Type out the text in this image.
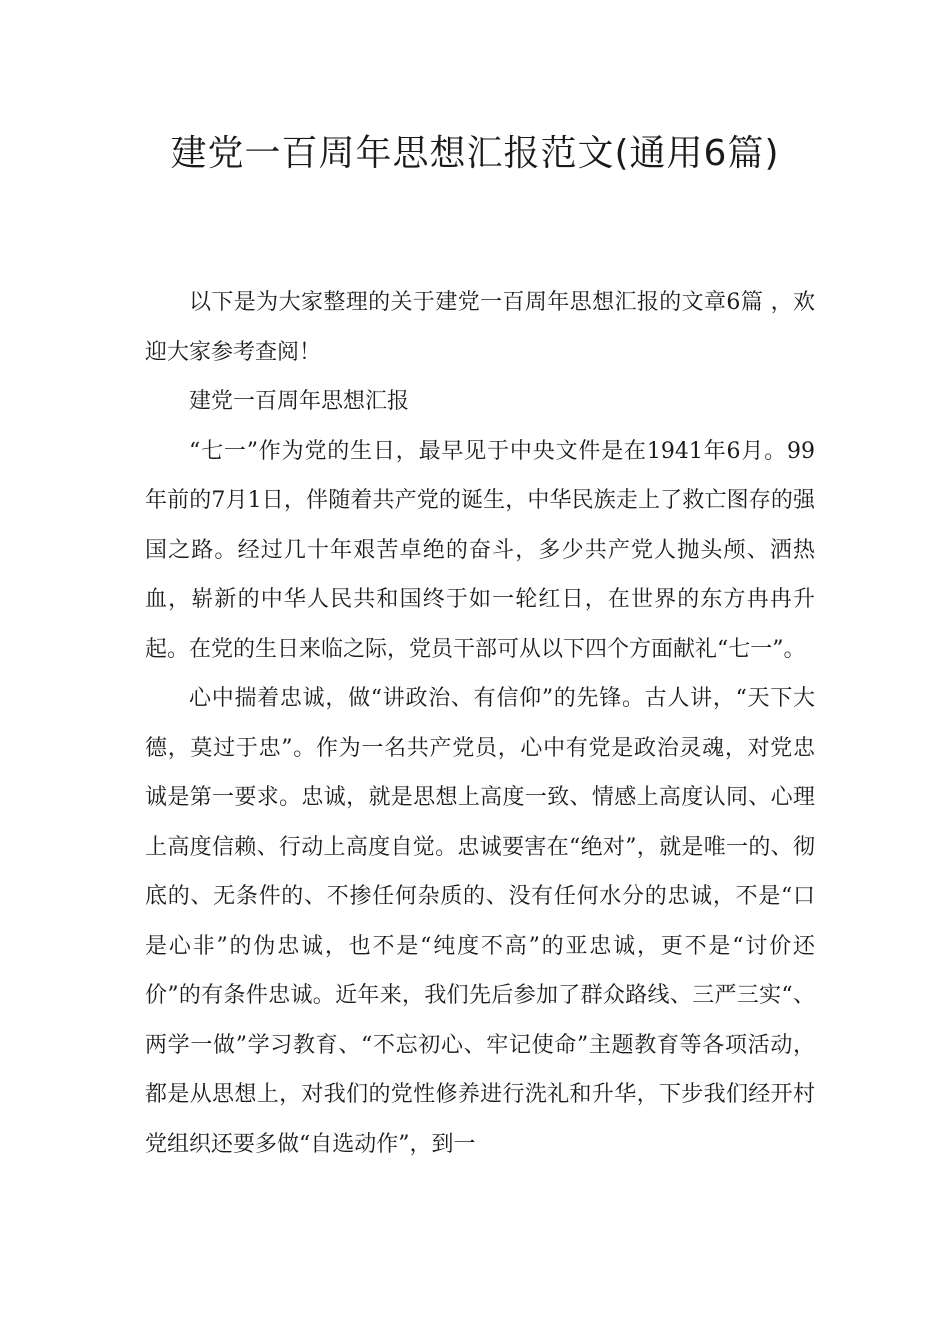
建党一百周年思想汇报范文(通用6篇)

以下是为大家整理的关于建党一百周年思想汇报的文章6篇 ，欢迎大家参考查阅！

建党一百周年思想汇报

“七一”作为党的生日，最早见于中央文件是在1941年6月。99年前的7月1日，伴随着共产党的诞生，中华民族走上了救亡图存的强国之路。经过几十年艰苦卓绝的奋斗，多少共产党人抛头颅、洒热血，崭新的中华人民共和国终于如一轮红日，在世界的东方冉冉升起。在党的生日来临之际，党员干部可从以下四个方面献礼“七一”。

心中揣着忠诚，做“讲政治、有信仰”的先锋。古人讲，“天下大德，莫过于忠”。作为一名共产党员，心中有党是政治灵魂，对党忠诚是第一要求。忠诚，就是思想上高度一致、情感上高度认同、心理上高度信赖、行动上高度自觉。忠诚要害在“绝对”，就是唯一的、彻底的、无条件的、不掺任何杂质的、没有任何水分的忠诚，不是“口是心非”的伪忠诚，也不是“纯度不高”的亚忠诚，更不是“讨价还价”的有条件忠诚。近年来，我们先后参加了群众路线、三严三实“、两学一做”学习教育、“不忘初心、牢记使命”主题教育等各项活动，都是从思想上，对我们的党性修养进行洗礼和升华，下步我们经开村党组织还要多做“自选动作”，到一
